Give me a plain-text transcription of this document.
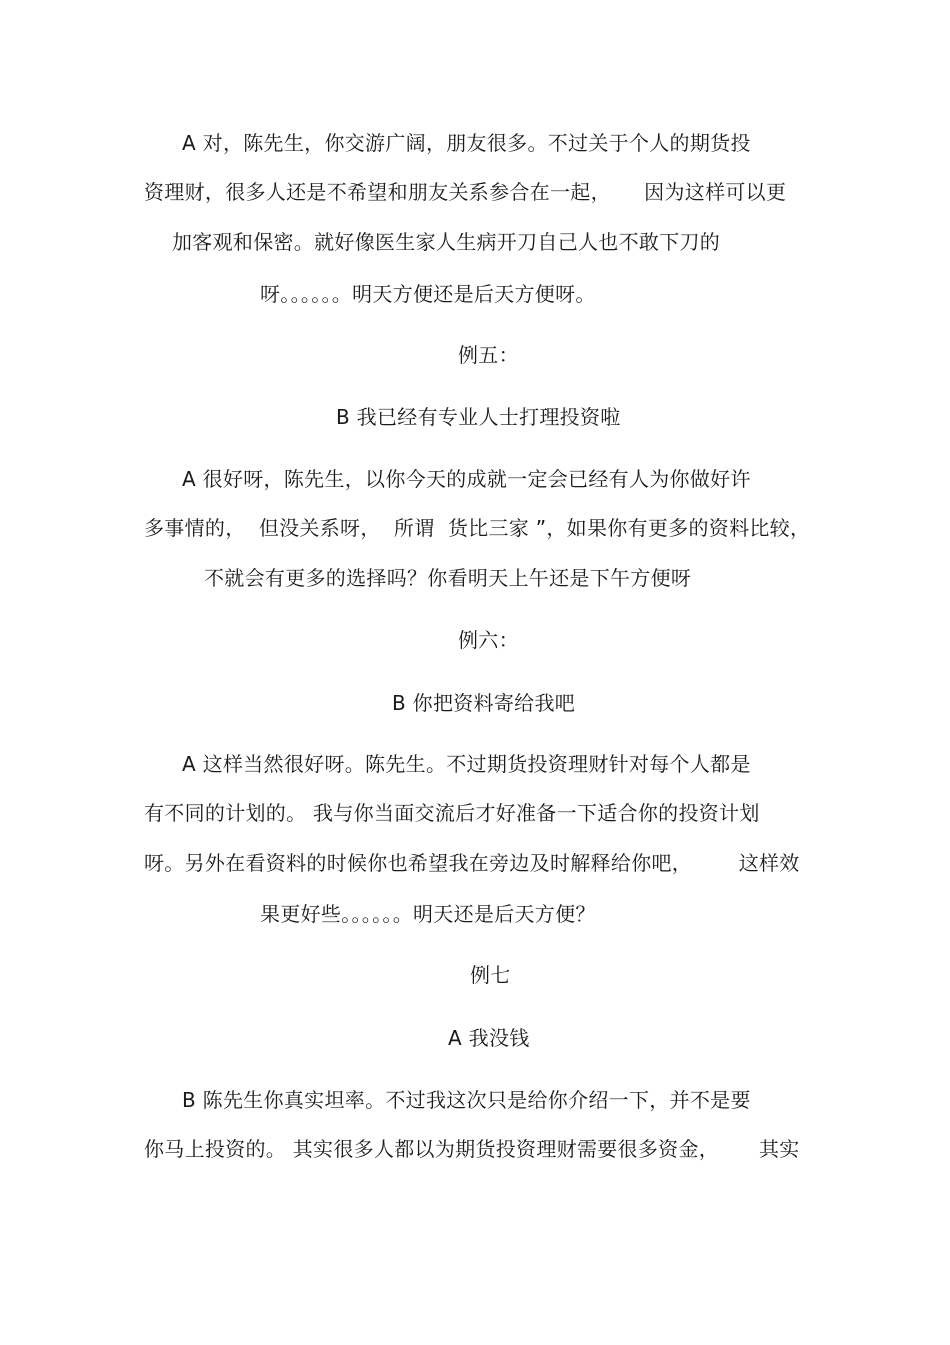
A 对，陈先生，你交游广阔，朋友很多。不过关于个人的期货投
资理财，很多人还是不希望和朋友关系参合在一起，     因为这样可以更
加客观和保密。就好像医生家人生病开刀自己人也不敢下刀的
呀。。。。。。明天方便还是后天方便呀。
例五：
B 我已经有专业人士打理投资啦
A 很好呀，陈先生，以你今天的成就一定会已经有人为你做好许
多事情的，  但没关系呀，  所谓  货比三家 ”，如果你有更多的资料比较，
不就会有更多的选择吗？你看明天上午还是下午方便呀
例六：
B 你把资料寄给我吧
A 这样当然很好呀。陈先生。不过期货投资理财针对每个人都是
有不同的计划的。 我与你当面交流后才好准备一下适合你的投资计划
呀。另外在看资料的时候你也希望我在旁边及时解释给你吧，       这样效
果更好些。。。。。。明天还是后天方便？
例七
A 我没钱
B 陈先生你真实坦率。不过我这次只是给你介绍一下，并不是要
你马上投资的。 其实很多人都以为期货投资理财需要很多资金，      其实
